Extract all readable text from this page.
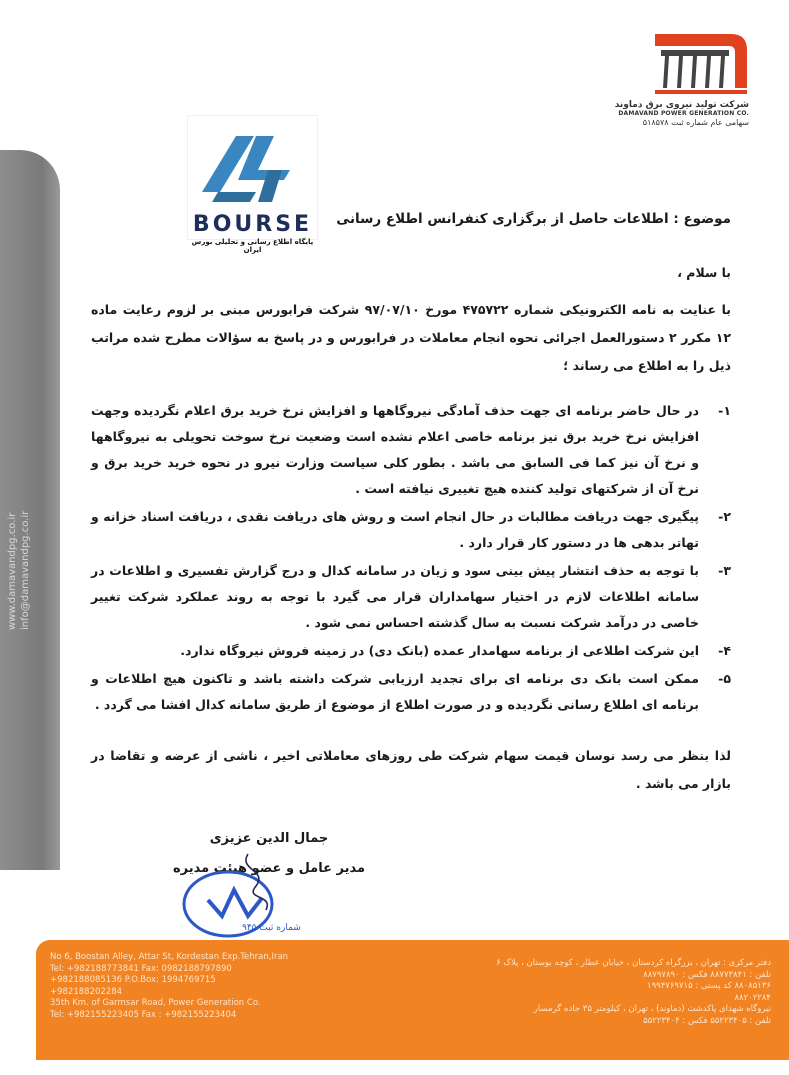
www.damavandpg.co.ir info@damavandpg.co.ir
شرکت تولید نیروی برق دماوند
DAMAVAND POWER GENERATION CO.
سهامی عام شماره ثبت ۵۱۸۵۷۸
BOURSE
پایگاه اطلاع رسانی و تحلیلی بورس ایران
موضوع : اطلاعات حاصل از برگزاری کنفرانس اطلاع رسانی
با سلام ،
با عنایت به نامه الکترونیکی شماره ۴۷۵۷۲۲ مورخ ۹۷/۰۷/۱۰ شرکت فرابورس مبنی بر لزوم رعایت ماده ۱۲ مکرر ۲ دستورالعمل اجرائی نحوه انجام معاملات در فرابورس و در پاسخ به سؤالات مطرح شده مراتب ذیل را به اطلاع می رساند ؛
۱-
در حال حاضر برنامه ای جهت حذف آمادگی نیروگاهها و افزایش نرخ خرید برق اعلام نگردیده وجهت افزایش نرخ خرید برق نیز برنامه خاصی اعلام نشده است وضعیت نرخ سوخت تحویلی به نیروگاهها و نرخ آن نیز کما فی السابق می باشد . بطور کلی سیاست وزارت نیرو در نحوه خرید خرید برق و نرخ آن از شرکتهای تولید کننده هیچ تغییری نیافته است .
۲-
پیگیری جهت دریافت مطالبات در حال انجام است و روش های دریافت نقدی ، دریافت اسناد خزانه و تهاتر بدهی ها در دستور کار قرار دارد .
۳-
با توجه به حذف انتشار پیش بینی سود و زیان در سامانه کدال و درج گزارش تفسیری و اطلاعات در سامانه اطلاعات لازم در اختیار سهامداران قرار می گیرد با توجه به روند عملکرد شرکت تغییر خاصی در درآمد شرکت نسبت به سال گذشته احساس نمی شود .
۴-
این شرکت اطلاعی از برنامه سهامدار عمده (بانک دی) در زمینه فروش نیروگاه ندارد.
۵-
ممکن است بانک دی برنامه ای برای تجدید ارزیابی شرکت داشته باشد و تاکنون هیچ اطلاعات و برنامه ای اطلاع رسانی نگردیده و در صورت اطلاع از موضوع از طریق سامانه کدال افشا می گردد .
لذا بنظر می رسد نوسان قیمت سهام شرکت طی روزهای معاملاتی اخیر ، ناشی از عرضه و تقاضا در بازار می باشد .
جمال الدین عزیزی
مدیر عامل و عضو هیئت مدیره
شماره ثبت ۹۴۵
No 6, Boostan Alley, Attar St, Kordestan Exp.Tehran,Iran
Tel: +982188773841 Fax: 0982188797890
+982188085136 P.O.Box: 1994769715
+982188202284
35th Km. of Garmsar Road, Power Generation Co.
Tel: +982155223405 Fax : +982155223404
دفتر مرکزی : تهران ، بزرگراه کردستان ، خیابان عطار ، کوچه بوستان ، پلاک ۶
تلفن : ۸۸۷۷۳۸۴۱ فکس : ۸۸۷۹۷۸۹۰
۸۸۰۸۵۱۳۶ کد پستی : ۱۹۹۴۷۶۹۷۱۵
۸۸۲۰۲۲۸۴
نیروگاه شهدای پاکدشت (دماوند) ، تهران ، کیلومتر ۳۵ جاده گرمسار
تلفن : ۵۵۲۲۳۴۰۵ فکس : ۵۵۲۲۳۴۰۴
